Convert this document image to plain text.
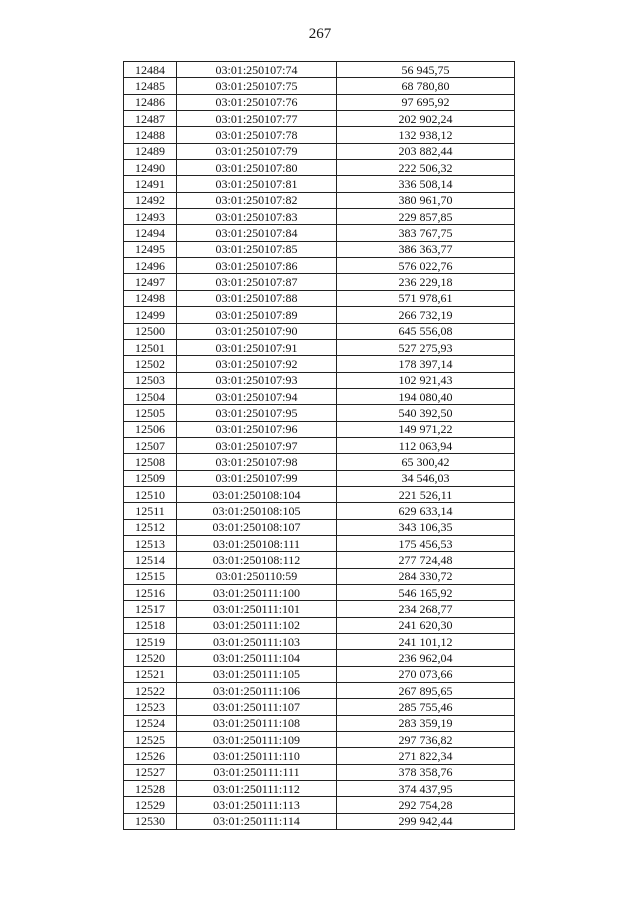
267
12484	03:01:250107:74	56 945,75
12485	03:01:250107:75	68 780,80
12486	03:01:250107:76	97 695,92
12487	03:01:250107:77	202 902,24
12488	03:01:250107:78	132 938,12
12489	03:01:250107:79	203 882,44
12490	03:01:250107:80	222 506,32
12491	03:01:250107:81	336 508,14
12492	03:01:250107:82	380 961,70
12493	03:01:250107:83	229 857,85
12494	03:01:250107:84	383 767,75
12495	03:01:250107:85	386 363,77
12496	03:01:250107:86	576 022,76
12497	03:01:250107:87	236 229,18
12498	03:01:250107:88	571 978,61
12499	03:01:250107:89	266 732,19
12500	03:01:250107:90	645 556,08
12501	03:01:250107:91	527 275,93
12502	03:01:250107:92	178 397,14
12503	03:01:250107:93	102 921,43
12504	03:01:250107:94	194 080,40
12505	03:01:250107:95	540 392,50
12506	03:01:250107:96	149 971,22
12507	03:01:250107:97	112 063,94
12508	03:01:250107:98	65 300,42
12509	03:01:250107:99	34 546,03
12510	03:01:250108:104	221 526,11
12511	03:01:250108:105	629 633,14
12512	03:01:250108:107	343 106,35
12513	03:01:250108:111	175 456,53
12514	03:01:250108:112	277 724,48
12515	03:01:250110:59	284 330,72
12516	03:01:250111:100	546 165,92
12517	03:01:250111:101	234 268,77
12518	03:01:250111:102	241 620,30
12519	03:01:250111:103	241 101,12
12520	03:01:250111:104	236 962,04
12521	03:01:250111:105	270 073,66
12522	03:01:250111:106	267 895,65
12523	03:01:250111:107	285 755,46
12524	03:01:250111:108	283 359,19
12525	03:01:250111:109	297 736,82
12526	03:01:250111:110	271 822,34
12527	03:01:250111:111	378 358,76
12528	03:01:250111:112	374 437,95
12529	03:01:250111:113	292 754,28
12530	03:01:250111:114	299 942,44
